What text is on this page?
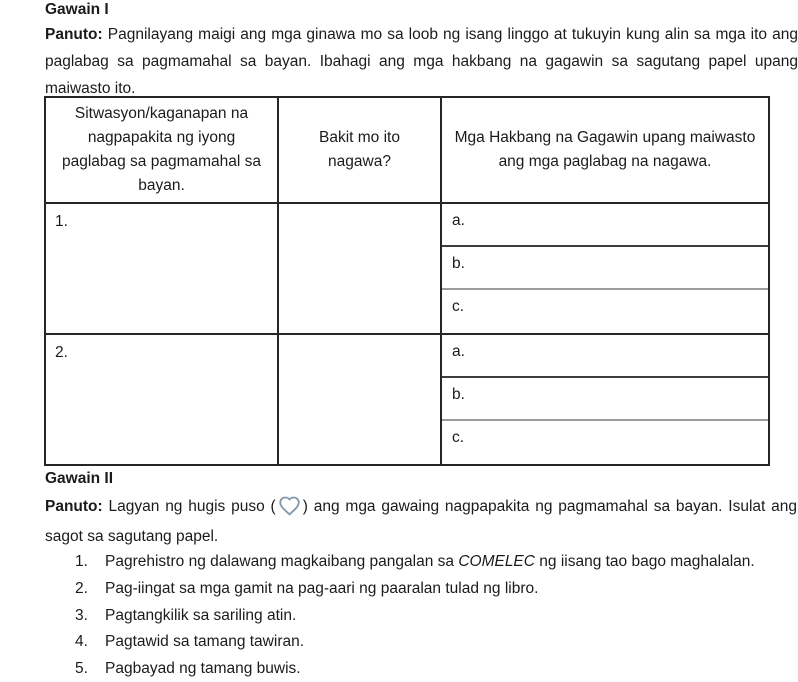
Gawain I
Panuto: Pagnilayang maigi ang mga ginawa mo sa loob ng isang linggo at tukuyin kung alin sa mga ito ang paglabag sa pagmamahal sa bayan. Ibahagi ang mga hakbang na gagawin sa sagutang papel upang maiwasto ito.
Sitwasyon/kaganapan na nagpapakita ng iyong paglabag sa pagmamahal sa bayan.	Bakit mo ito nagawa?	Mga Hakbang na Gagawin upang maiwasto ang mga paglabag na nagawa.
1.		a.
b.
c.

2.		a.
b.
c.
Gawain II
Panuto: Lagyan ng hugis puso ( ) ang mga gawaing nagpapakita ng pagmamahal sa bayan. Isulat ang sagot sa sagutang papel.
1.	Pagrehistro ng dalawang magkaibang pangalan sa COMELEC ng iisang tao bago maghalalan.
2.	Pag-iingat sa mga gamit na pag-aari ng paaralan tulad ng libro.
3.	Pagtangkilik sa sariling atin.
4.	Pagtawid sa tamang tawiran.
5.	Pagbayad ng tamang buwis.
